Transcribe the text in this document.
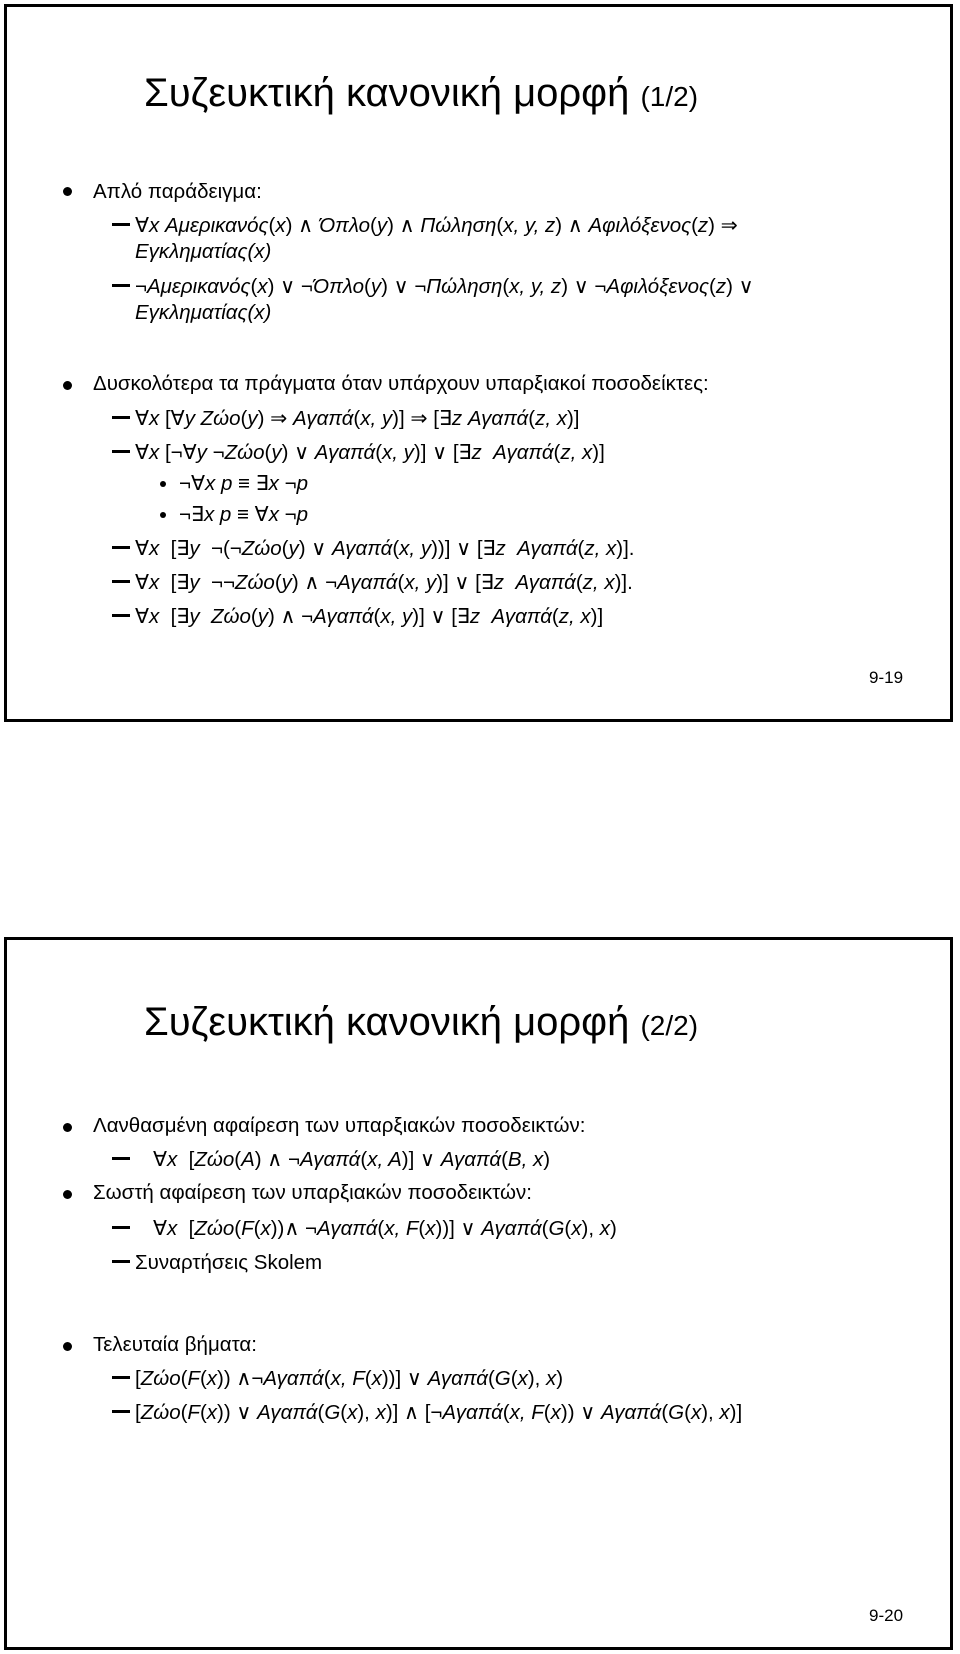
Συζευκτική κανονική μορφή (1/2)
Απλό παράδειγμα:
∀x Αμερικανός(x) ∧ Όπλο(y) ∧ Πώληση(x, y, z) ∧ Αφιλόξενος(z) ⇒
Εγκληματίας(x)
¬Αμερικανός(x) ∨ ¬Όπλο(y) ∨ ¬Πώληση(x, y, z) ∨ ¬Αφιλόξενος(z) ∨
Εγκληματίας(x)
Δυσκολότερα τα πράγματα όταν υπάρχουν υπαρξιακοί ποσοδείκτες:
∀x [∀y Ζώο(y) ⇒ Αγαπά(x, y)] ⇒ [∃z Αγαπά(z, x)]
∀x [¬∀y ¬Ζώο(y) ∨ Αγαπά(x, y)] ∨ [∃z Αγαπά(z, x)]
¬∀x p ≡ ∃x ¬p
¬∃x p ≡ ∀x ¬p
∀x  [∃y  ¬(¬Ζώο(y) ∨ Αγαπά(x, y))] ∨ [∃z Αγαπά(z, x)].
∀x  [∃y  ¬¬Ζώο(y) ∧ ¬Αγαπά(x, y)] ∨ [∃z Αγαπά(z, x)].
∀x  [∃y Ζώο(y) ∧ ¬Αγαπά(x, y)] ∨ [∃z Αγαπά(z, x)]
9-19
Συζευκτική κανονική μορφή (2/2)
Λανθασμένη αφαίρεση των υπαρξιακών ποσοδεικτών:
∀x  [Ζώο(A) ∧ ¬Αγαπά(x, A)] ∨ Αγαπά(B, x)
Σωστή αφαίρεση των υπαρξιακών ποσοδεικτών:
∀x  [Ζώο(F(x))∧ ¬Αγαπά(x, F(x))] ∨ Αγαπά(G(x), x)
Συναρτήσεις Skolem
Τελευταία βήματα:
[Ζώο(F(x)) ∧¬Αγαπά(x, F(x))] ∨ Αγαπά(G(x), x)
[Ζώο(F(x)) ∨ Αγαπά(G(x), x)] ∧ [¬Αγαπά(x, F(x)) ∨ Αγαπά(G(x), x)]
9-20
